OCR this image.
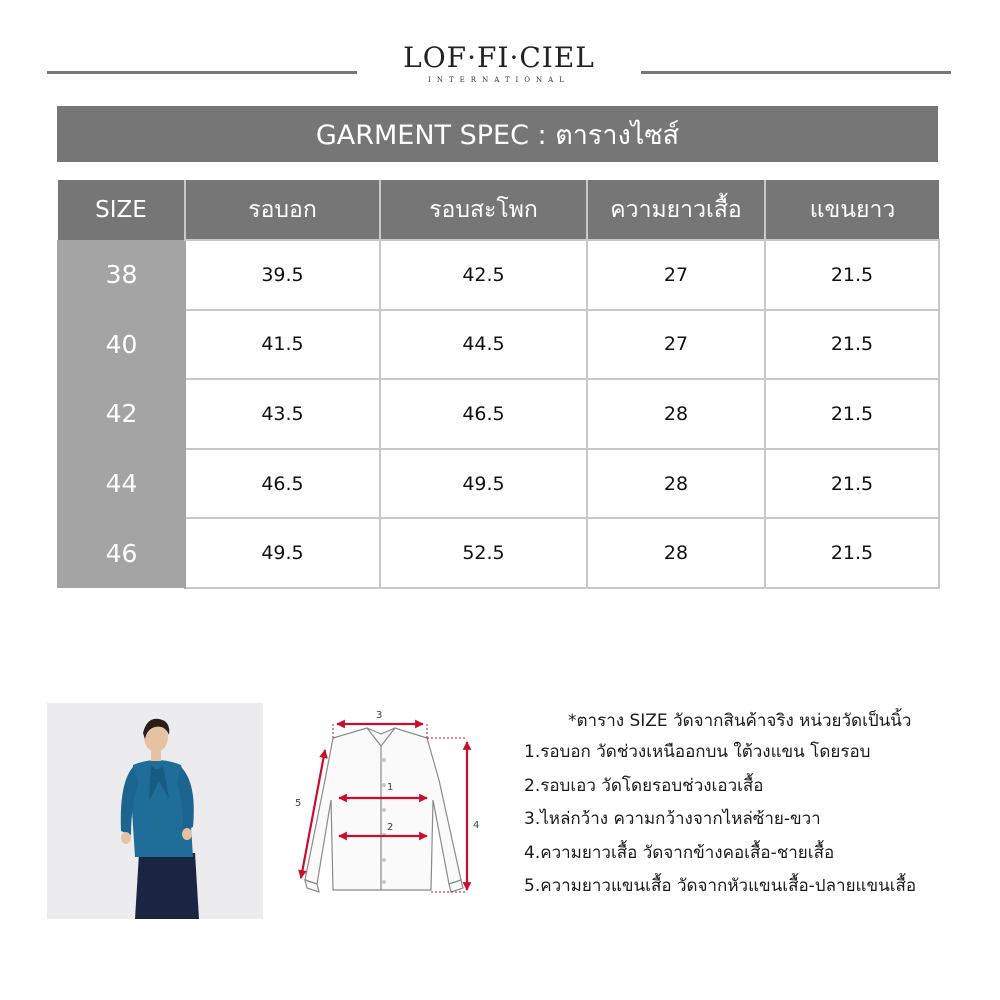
LOF·FI·CIEL
INTERNATIONAL
GARMENT SPEC : ตารางไซส์
SIZE	รอบอก	รอบสะโพก	ความยาวเสื้อ	แขนยาว
38	39.5	42.5	27	21.5
40	41.5	44.5	27	21.5
42	43.5	46.5	28	21.5
44	46.5	49.5	28	21.5
46	49.5	52.5	28	21.5
1
2
3
4
5
*ตาราง SIZE วัดจากสินค้าจริง หน่วยวัดเป็นนิ้ว
1.รอบอก วัดช่วงเหนืออกบน ใต้วงแขน โดยรอบ
2.รอบเอว วัดโดยรอบช่วงเอวเสื้อ
3.ไหล่กว้าง ความกว้างจากไหล่ซ้าย-ขวา
4.ความยาวเสื้อ วัดจากข้างคอเสื้อ-ชายเสื้อ
5.ความยาวแขนเสื้อ วัดจากหัวแขนเสื้อ-ปลายแขนเสื้อ
